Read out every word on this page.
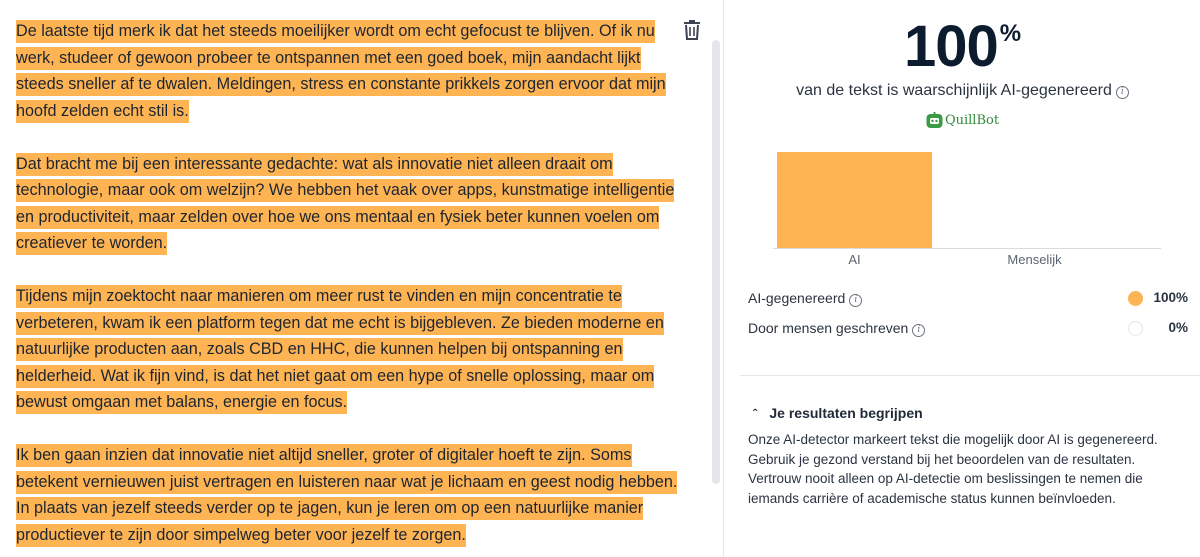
De laatste tijd merk ik dat het steeds moeilijker wordt om echt gefocust te blijven. Of ik nu werk, studeer of gewoon probeer te ontspannen met een goed boek, mijn aandacht lijkt steeds sneller af te dwalen. Meldingen, stress en constante prikkels zorgen ervoor dat mijn hoofd zelden echt stil is.

Dat bracht me bij een interessante gedachte: wat als innovatie niet alleen draait om technologie, maar ook om welzijn? We hebben het vaak over apps, kunstmatige intelligentie en productiviteit, maar zelden over hoe we ons mentaal en fysiek beter kunnen voelen om creatiever te worden.

Tijdens mijn zoektocht naar manieren om meer rust te vinden en mijn concentratie te verbeteren, kwam ik een platform tegen dat me echt is bijgebleven. Ze bieden moderne en natuurlijke producten aan, zoals CBD en HHC, die kunnen helpen bij ontspanning en helderheid. Wat ik fijn vind, is dat het niet gaat om een hype of snelle oplossing, maar om bewust omgaan met balans, energie en focus.

Ik ben gaan inzien dat innovatie niet altijd sneller, groter of digitaler hoeft te zijn. Soms betekent vernieuwen juist vertragen en luisteren naar wat je lichaam en geest nodig hebben. In plaats van jezelf steeds verder op te jagen, kun je leren om op een natuurlijke manier productiever te zijn door simpelweg beter voor jezelf te zorgen.

100%
van de tekst is waarschijnlijk AI-gegenereerd i
QuillBot
AI	Menselijk
AI-gegenereerd i	100%
Door mensen geschreven i	0%
⌃ Je resultaten begrijpen
Onze AI-detector markeert tekst die mogelijk door AI is gegenereerd. Gebruik je gezond verstand bij het beoordelen van de resultaten. Vertrouw nooit alleen op AI-detectie om beslissingen te nemen die iemands carrière of academische status kunnen beïnvloeden.
